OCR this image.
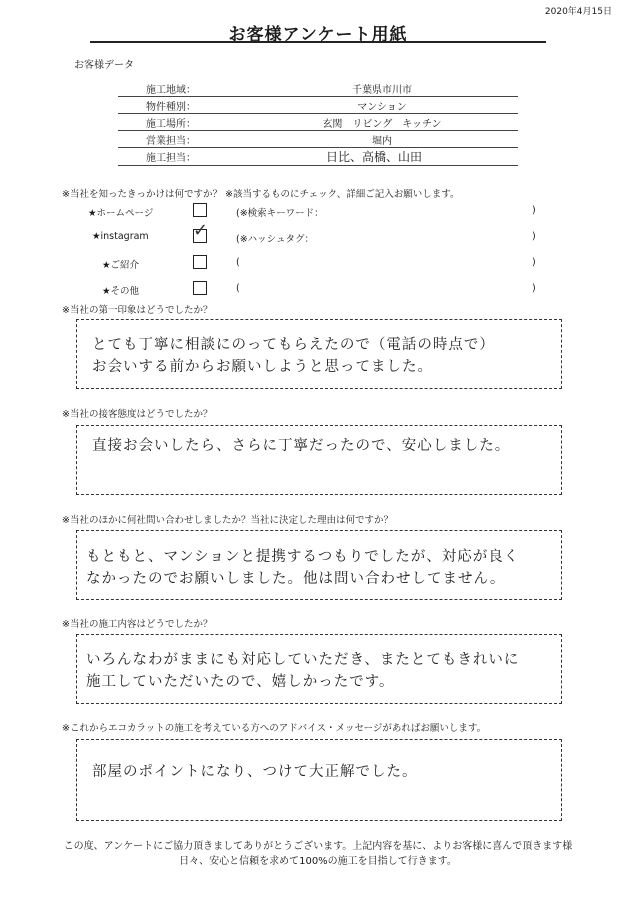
2020年4月15日
お客様アンケート用紙
お客様データ
施工地域：	千葉県市川市
物件種別：	マンション
施工場所：	玄関　リビング　キッチン
営業担当：	堀内
施工担当：	日比、高橋、山田
※当社を知ったきっかけは何ですか？ ※該当するものにチェック、詳細ご記入お願いします。
★ホームページ	(※検索キーワード：	)
★instagram ✓	(※ハッシュタグ：	)
★ご紹介	(	)
★その他	(	)
※当社の第一印象はどうでしたか？
とても丁寧に相談にのってもらえたので（電話の時点で）
お会いする前からお願いしようと思ってました。
※当社の接客態度はどうでしたか？
直接お会いしたら、さらに丁寧だったので、安心しました。
※当社のほかに何社問い合わせしましたか？当社に決定した理由は何ですか？
もともと、マンションと提携するつもりでしたが、対応が良く
なかったのでお願いしました。他は問い合わせしてません。
※当社の施工内容はどうでしたか？
いろんなわがままにも対応していただき、またとてもきれいに
施工していただいたので、嬉しかったです。
※これからエコカラットの施工を考えている方へのアドバイス・メッセージがあればお願いします。
部屋のポイントになり、つけて大正解でした。
この度、アンケートにご協力頂きましてありがとうございます。上記内容を基に、よりお客様に喜んで頂きます様
日々、安心と信頼を求めて100%の施工を目指して行きます。
